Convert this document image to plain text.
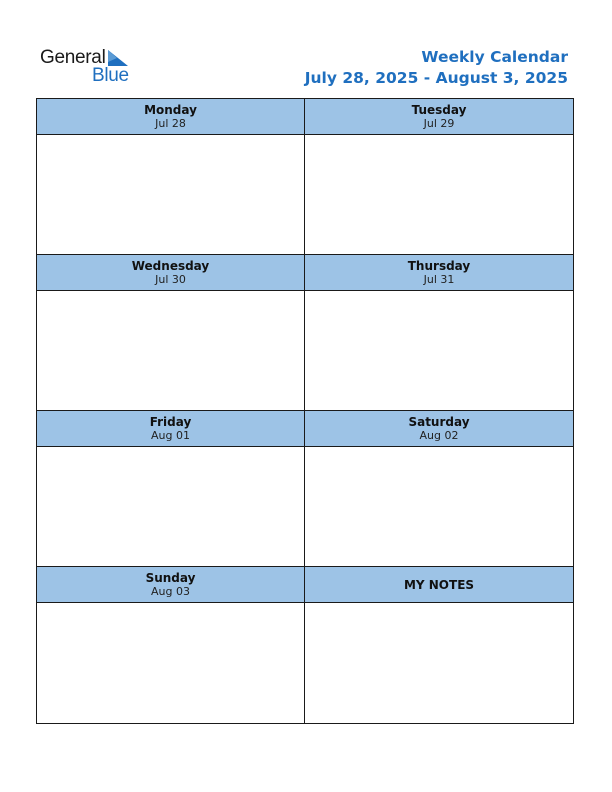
General
Blue
Weekly Calendar
July 28, 2025 - August 3, 2025
Monday
Jul 28
Tuesday
Jul 29
Wednesday
Jul 30
Thursday
Jul 31
Friday
Aug 01
Saturday
Aug 02
Sunday
Aug 03	MY NOTES
